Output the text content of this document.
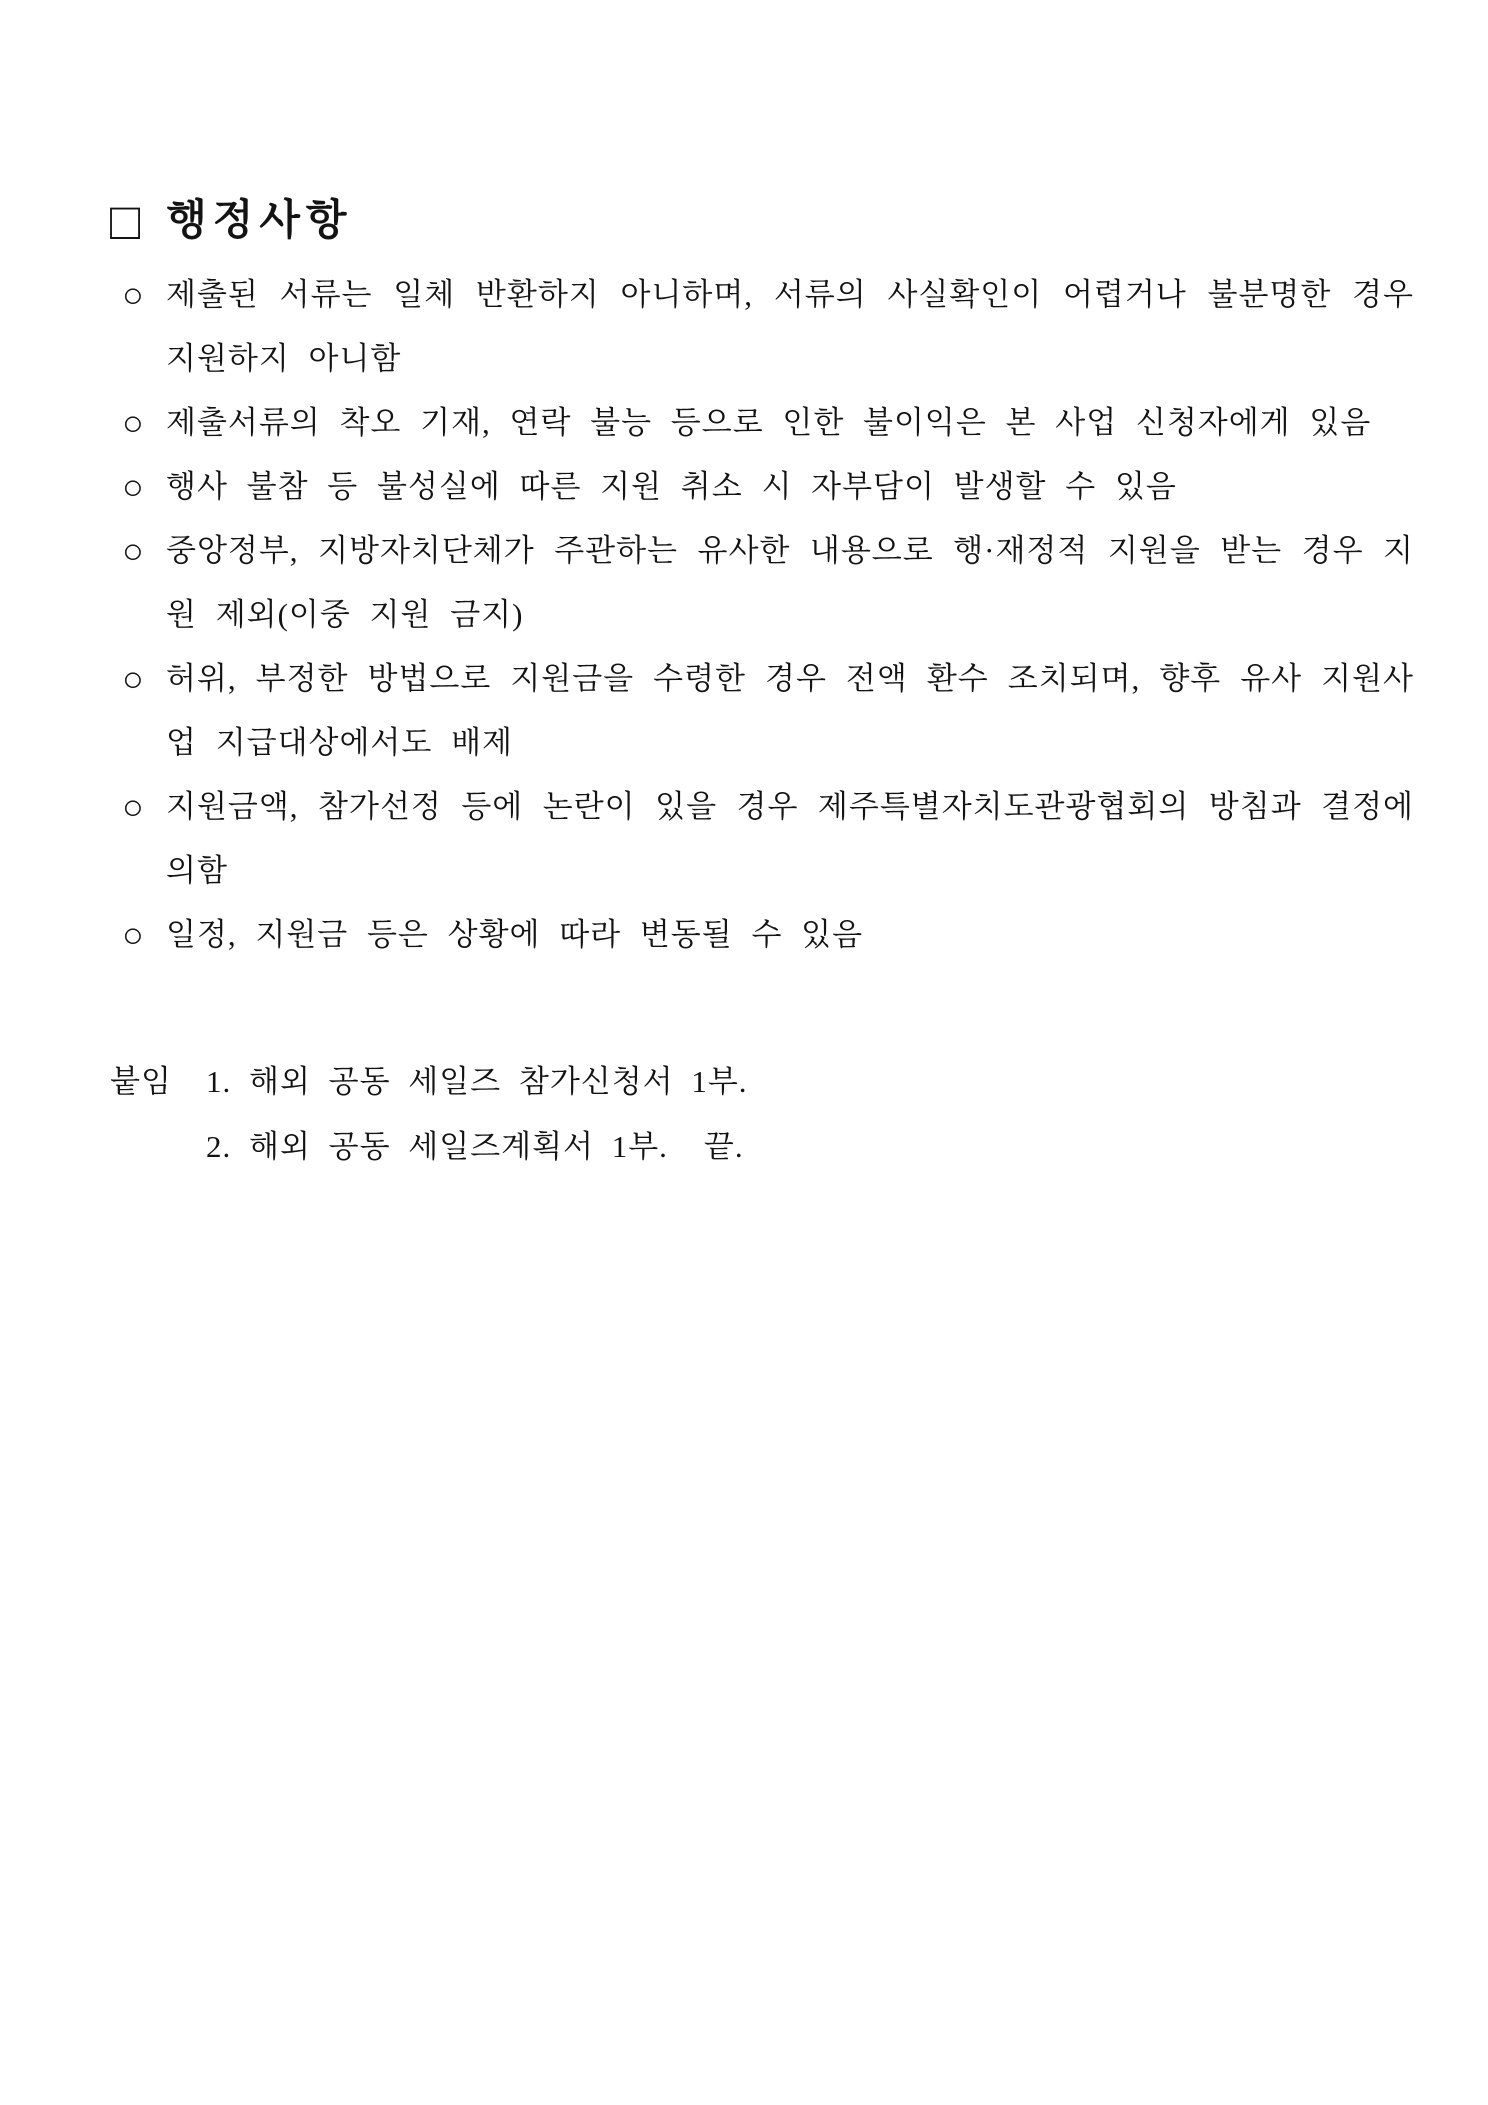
□ 행정사항
○ 제출된 서류는 일체 반환하지 아니하며, 서류의 사실확인이 어렵거나 불분명한 경우 지원하지 아니함

○ 제출서류의 착오 기재, 연락 불능 등으로 인한 불이익은 본 사업 신청자에게 있음

○ 행사 불참 등 불성실에 따른 지원 취소 시 자부담이 발생할 수 있음

○ 중앙정부, 지방자치단체가 주관하는 유사한 내용으로 행·재정적 지원을 받는 경우 지원 제외(이중 지원 금지)

○ 허위, 부정한 방법으로 지원금을 수령한 경우 전액 환수 조치되며, 향후 유사 지원사업 지급대상에서도 배제

○ 지원금액, 참가선정 등에 논란이 있을 경우 제주특별자치도관광협회의 방침과 결정에 의함

○ 일정, 지원금 등은 상황에 따라 변동될 수 있음

붙임	1. 해외 공동 세일즈 참가신청서 1부.
2. 해외 공동 세일즈계획서 1부. 끝.
